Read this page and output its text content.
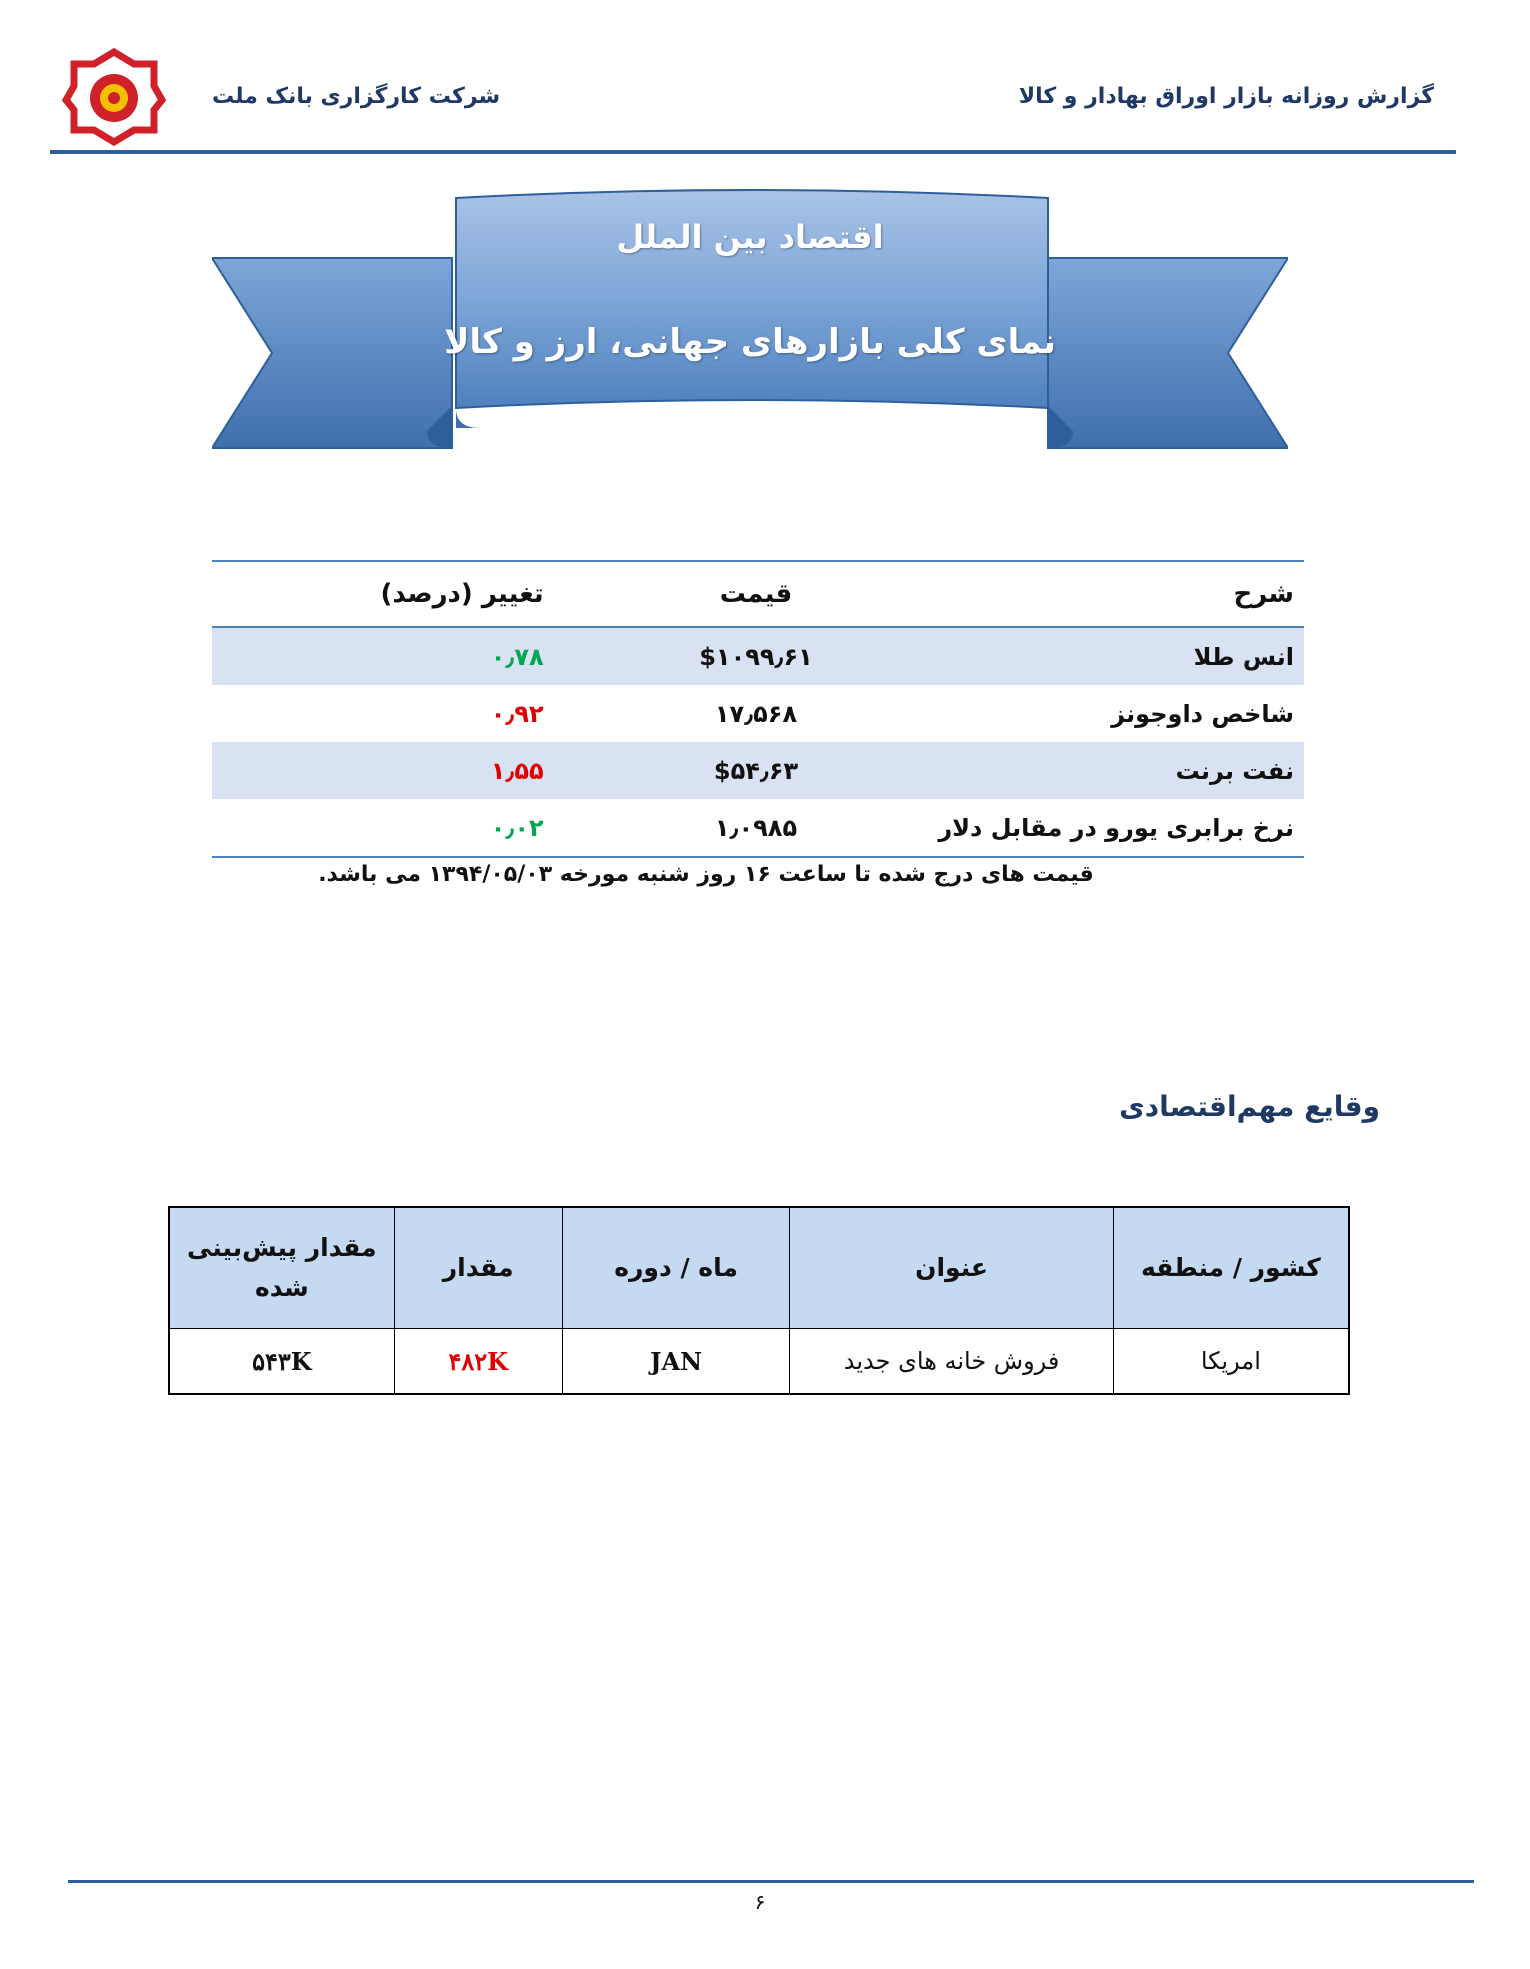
گزارش روزانه بازار اوراق بهادار و کالا
شرکت کارگزاری بانک ملت
اقتصاد بین الملل
نمای کلی بازارهای جهانی، ارز و کالا
شرح	قیمت	تغییر (درصد)
انس طلا	$۱۰۹۹٫۶۱	۰٫۷۸
شاخص داوجونز	۱۷٫۵۶۸	۰٫۹۲
نفت برنت	$۵۴٫۶۳	۱٫۵۵
نرخ برابری یورو در مقابل دلار	۱٫۰۹۸۵	۰٫۰۲
قیمت های درج شده تا ساعت ۱۶ روز شنبه مورخه ۱۳۹۴/۰۵/۰۳ می باشد.
وقایع مهم‌اقتصادی
کشور / منطقه	عنوان	ماه / دوره	مقدار	مقدار پیش‌بینی شده
امریکا	فروش خانه های جدید	JAN	۴۸۲K	۵۴۳K
۶
